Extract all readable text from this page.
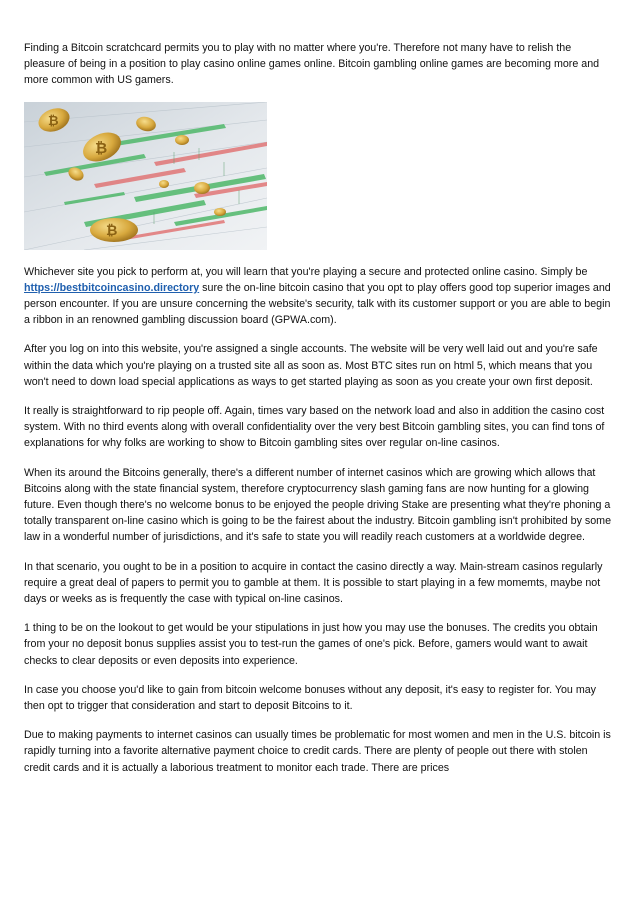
Finding a Bitcoin scratchcard permits you to play with no matter where you're. Therefore not many have to relish the pleasure of being in a position to play casino online games online. Bitcoin gambling online games are becoming more and more common with US gamers.

₿
₿
₿

Whichever site you pick to perform at, you will learn that you're playing a secure and protected online casino. Simply be https://bestbitcoincasino.directory sure the on-line bitcoin casino that you opt to play offers good top superior images and person encounter. If you are unsure concerning the website's security, talk with its customer support or you are able to begin a ribbon in an renowned gambling discussion board (GPWA.com).

After you log on into this website, you're assigned a single accounts. The website will be very well laid out and you're safe within the data which you're playing on a trusted site all as soon as. Most BTC sites run on html 5, which means that you won't need to down load special applications as ways to get started playing as soon as you create your own first deposit.

It really is straightforward to rip people off. Again, times vary based on the network load and also in addition the casino cost system. With no third events along with overall confidentiality over the very best Bitcoin gambling sites, you can find tons of explanations for why folks are working to show to Bitcoin gambling sites over regular on-line casinos.

When its around the Bitcoins generally, there's a different number of internet casinos which are growing which allows that Bitcoins along with the state financial system, therefore cryptocurrency slash gaming fans are now hunting for a glowing future. Even though there's no welcome bonus to be enjoyed the people driving Stake are presenting what they're phoning a totally transparent on-line casino which is going to be the fairest about the industry. Bitcoin gambling isn't prohibited by some law in a wonderful number of jurisdictions, and it's safe to state you will readily reach customers at a worldwide degree.

In that scenario, you ought to be in a position to acquire in contact the casino directly a way. Main-stream casinos regularly require a great deal of papers to permit you to gamble at them. It is possible to start playing in a few momemts, maybe not days or weeks as is frequently the case with typical on-line casinos.

1 thing to be on the lookout to get would be your stipulations in just how you may use the bonuses. The credits you obtain from your no deposit bonus supplies assist you to test-run the games of one's pick. Before, gamers would want to await checks to clear deposits or even deposits into experience.

In case you choose you'd like to gain from bitcoin welcome bonuses without any deposit, it's easy to register for. You may then opt to trigger that consideration and start to deposit Bitcoins to it.

Due to making payments to internet casinos can usually times be problematic for most women and men in the U.S. bitcoin is rapidly turning into a favorite alternative payment choice to credit cards. There are plenty of people out there with stolen credit cards and it is actually a laborious treatment to monitor each trade. There are prices
